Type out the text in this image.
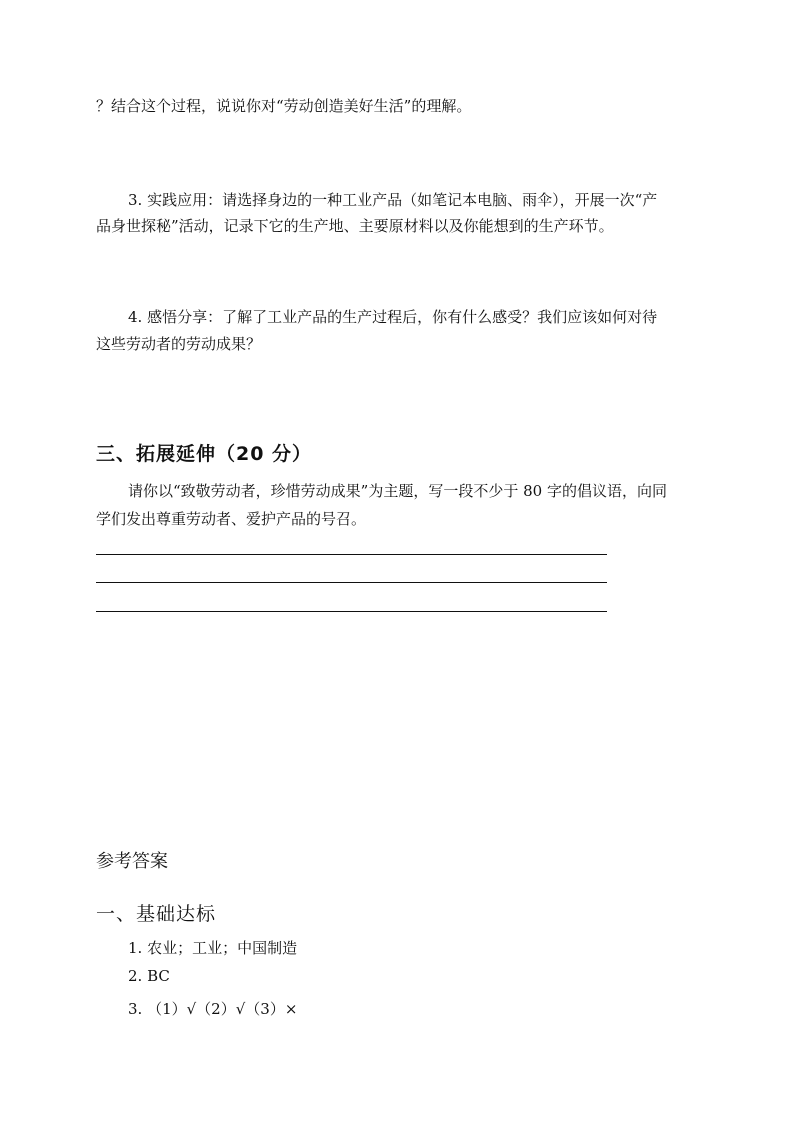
？结合这个过程，说说你对“劳动创造美好生活”的理解。
3. 实践应用：请选择身边的一种工业产品（如笔记本电脑、雨伞），开展一次“产
品身世探秘”活动，记录下它的生产地、主要原材料以及你能想到的生产环节。
4. 感悟分享：了解了工业产品的生产过程后，你有什么感受？我们应该如何对待
这些劳动者的劳动成果？
三、拓展延伸（20 分）
请你以“致敬劳动者，珍惜劳动成果”为主题，写一段不少于 80 字的倡议语，向同
学们发出尊重劳动者、爱护产品的号召。
参考答案
一、基础达标
1. 农业；工业；中国制造
2. BC
3. （1）√（2）√（3）×
